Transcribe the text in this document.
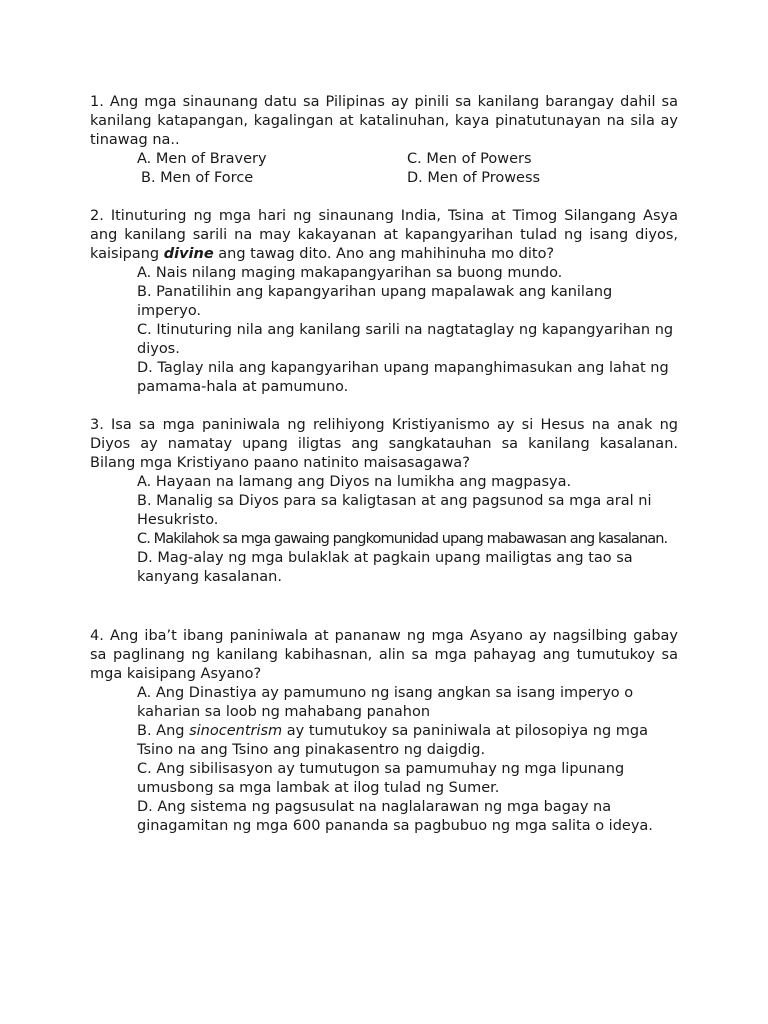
1. Ang mga sinaunang datu sa Pilipinas ay pinili sa kanilang barangay dahil sa kanilang katapangan, kagalingan at katalinuhan, kaya pinatutunayan na sila ay tinawag na..

A. Men of Bravery	C. Men of Powers
B. Men of Force	D. Men of Prowess

2. Itinuturing ng mga hari ng sinaunang India, Tsina at Timog Silangang Asya ang kanilang sarili na may kakayanan at kapangyarihan tulad ng isang diyos, kaisipang divine ang tawag dito. Ano ang mahihinuha mo dito?

A. Nais nilang maging makapangyarihan sa buong mundo.

B. Panatilihin ang kapangyarihan upang mapalawak ang kanilang imperyo.

C. Itinuturing nila ang kanilang sarili na nagtataglay ng kapangyarihan ng diyos.

D. Taglay nila ang kapangyarihan upang mapanghimasukan ang lahat ng pamama-hala at pamumuno.

3. Isa sa mga paniniwala ng relihiyong Kristiyanismo ay si Hesus na anak ng Diyos ay namatay upang iligtas ang sangkatauhan sa kanilang kasalanan. Bilang mga Kristiyano paano natinito maisasagawa?

A. Hayaan na lamang ang Diyos na lumikha ang magpasya.

B. Manalig sa Diyos para sa kaligtasan at ang pagsunod sa mga aral ni Hesukristo.

C. Makilahok sa mga gawaing pangkomunidad upang mabawasan ang kasalanan.

D. Mag-alay ng mga bulaklak at pagkain upang mailigtas ang tao sa kanyang kasalanan.

4. Ang iba’t ibang paniniwala at pananaw ng mga Asyano ay nagsilbing gabay sa paglinang ng kanilang kabihasnan, alin sa mga pahayag ang tumutukoy sa mga kaisipang Asyano?

A. Ang Dinastiya ay pamumuno ng isang angkan sa isang imperyo o kaharian sa loob ng mahabang panahon

B. Ang sinocentrism ay tumutukoy sa paniniwala at pilosopiya ng mga Tsino na ang Tsino ang pinakasentro ng daigdig.

C. Ang sibilisasyon ay tumutugon sa pamumuhay ng mga lipunang umusbong sa mga lambak at ilog tulad ng Sumer.

D. Ang sistema ng pagsusulat na naglalarawan ng mga bagay na ginagamitan ng mga 600 pananda sa pagbubuo ng mga salita o ideya.
